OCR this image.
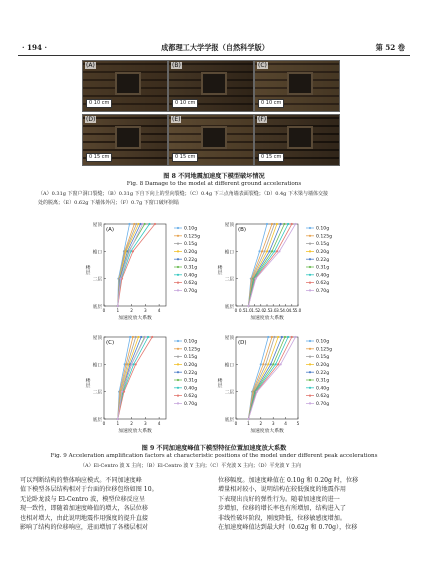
· 194 ·	成都理工大学学报（自然科学版）	第 52 卷
(A)
0 10 cm
(B)
0 10 cm
(C)
0 10 cm
(D)
0 15 cm
(E)
0 15 cm
(F)
0 15 cm
图 8 不同地震加速度下模型破坏情况
Fig. 8 Damage to the model at different ground accelerations
（A）0.31g 下窗户洞口裂缝；（B）0.31g 下自下向上的竖向裂缝；（C）0.4g 下三点角墙表面裂缝；（D）0.4g 下木梁与墙体交接
处的脱离；（E）0.62g 下墙体外闪；（F）0.7g 下窗口破坏倒塌
(A)
屋顶
檐口
二层
底层
楼层
0	1	2	3	4
加速度放大系数
0.10g
0.125g
0.15g
0.20g
0.22g
0.31g
0.40g
0.62g
0.70g
(B)
屋顶
檐口
二层
底层
楼层
0 0.5 1.0 1.5 2.0 2.5 3.0 3.5 4.0 4.5 5.0
加速度放大系数
0.10g
0.125g
0.15g
0.20g
0.22g
0.31g
0.40g
0.62g
0.70g
(C)
屋顶
檐口
二层
底层
楼层
0	1	2	3	4
加速度放大系数
0.10g
0.125g
0.15g
0.20g
0.22g
0.31g
0.40g
0.62g
0.70g
(D)
屋顶
檐口
二层
底层
楼层
0 1 2 3 4 5
加速度放大系数
0.10g
0.125g
0.15g
0.20g
0.22g
0.31g
0.40g
0.62g
0.70g
图 9 不同加速度峰值下模型特征位置加速度放大系数
Fig. 9 Acceleration amplification factors at characteristic positions of the model under different peak accelerations
（A）El-Centro 波 X 主向；（B）El-Centro 波 Y 主向；（C）平充波 X 主向；（D）平充波 Y 主向
可以判断结构的整体响应模式。不同加速度峰
值下模型各层结构相对于台面的位移包络如图 10。
无论卧龙波与 El-Centro 波，模型位移反应呈
现一致性，即随着加速度峰值的增大，各层位移
也相对增大，由此说明地震作用强度的提升直接
影响了结构的位移响应，进而增加了各楼层相对
位移幅度。加速度峰值在 0.10g 和 0.20g 时，位移
增量相对较小，说明结构在较低强度的地震作用
下表现出良好的弹性行为。随着加速度的进一
步增加，位移的增长率也有所增加，结构进入了
非线性破坏阶段，刚度降低，位移敏感度增加。
在加速度峰值达到最大时（0.62g 和 0.70g），位移
